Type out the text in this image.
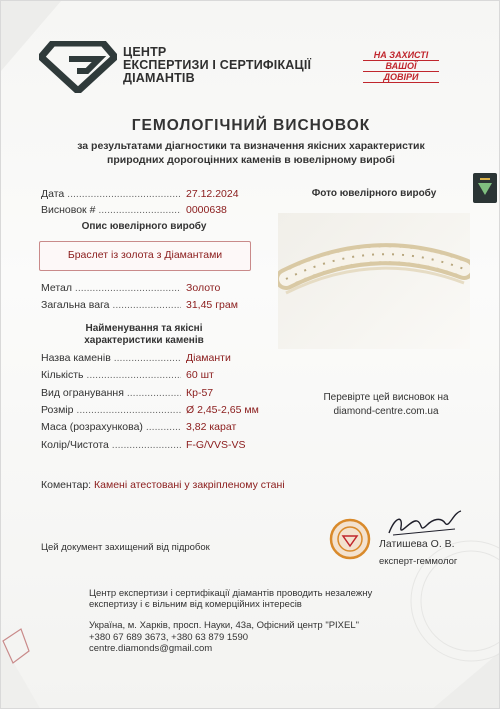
ЦЕНТР
ЕКСПЕРТИЗИ І СЕРТИФІКАЦІЇ
ДІАМАНТІВ
НА ЗАХИСТІ
ВАШОЇ
ДОВІРИ
ГЕМОЛОГІЧНИЙ ВИСНОВОК
за результатами діагностики та визначення якісних характеристик
природних дорогоцінних каменів в ювелірному виробі
Дата .....	27.12.2024
Висновок # .....	0000638
Опис ювелірного виробу
Браслет із золота з Діамантами
Метал .....	Золото
Загальна вага .....	31,45 грам
Найменування та якісні
характеристики каменів
Назва каменів .....	Діаманти
Кількість .....	60 шт
Вид огранування .....	Кр-57
Розмір .....	Ø 2,45-2,65 мм
Маса (розрахункова) .....	3,82 карат
Колір/Чистота .....	F-G/VVS-VS
Фото ювелірного виробу
Перевірте цей висновок на
diamond-centre.com.ua
Коментар: Камені атестовані у закріпленому стані
Цей документ захищений від підробок	Латишева О. В.
експерт-геммолог
Центр експертизи і сертифікації діамантів проводить незалежну
експертизу і є вільним від комерційних інтересів
Україна, м. Харків, просп. Науки, 43а, Офісний центр "PIXEL"
+380 67 689 3673, +380 63 879 1590
centre.diamonds@gmail.com
